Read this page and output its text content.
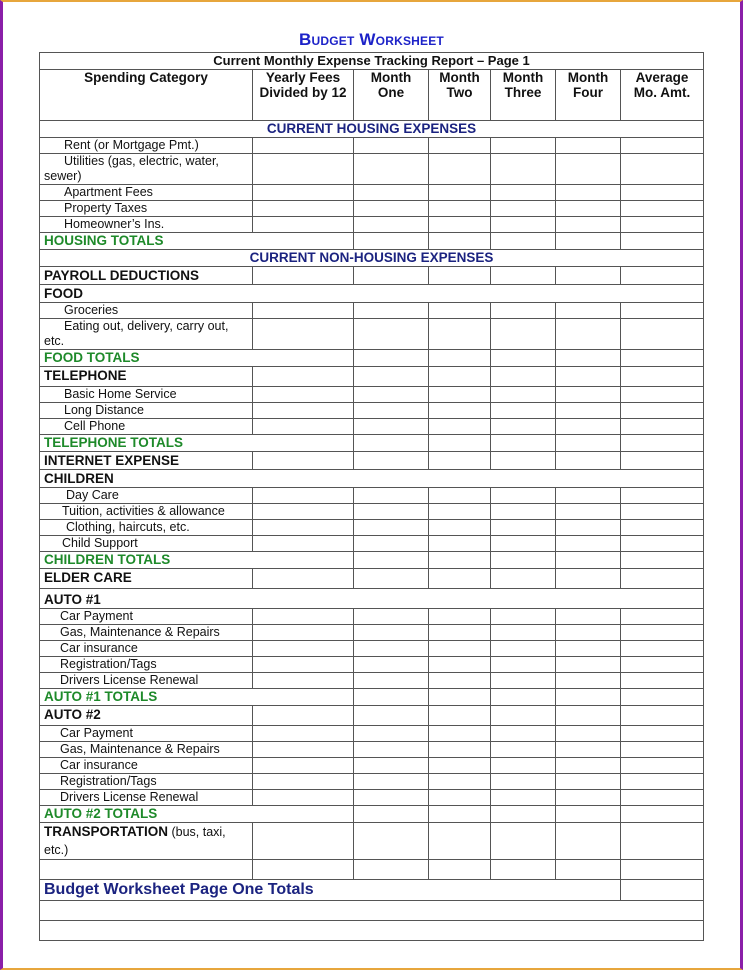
Budget Worksheet
Current Monthly Expense Tracking Report – Page 1						
Spending Category	Yearly Fees Divided by 12	Month One	Month Two	Month Three	Month Four	Average Mo. Amt.
CURRENT HOUSING EXPENSES						
Rent (or Mortgage Pmt.)						
Utilities (gas, electric, water, sewer)						
Apartment Fees						
Property Taxes						
Homeowner’s Ins.						
HOUSING TOTALS						
CURRENT NON-HOUSING EXPENSES						
PAYROLL DEDUCTIONS						
FOOD						
Groceries						
Eating out, delivery, carry out, etc.						
FOOD TOTALS						
TELEPHONE						
Basic Home Service						
Long Distance						
Cell Phone						
TELEPHONE TOTALS						
INTERNET EXPENSE						
CHILDREN						
Day Care						
Tuition, activities & allowance						
Clothing, haircuts, etc.						
Child Support						
CHILDREN TOTALS						
ELDER CARE						
AUTO #1						
Car Payment						
Gas, Maintenance & Repairs						
Car insurance						
Registration/Tags						
Drivers License Renewal						
AUTO #1 TOTALS						
AUTO #2						
Car Payment						
Gas, Maintenance & Repairs						
Car insurance						
Registration/Tags						
Drivers License Renewal						
AUTO #2 TOTALS						
TRANSPORTATION (bus, taxi, etc.)						

Budget Worksheet Page One Totals						
